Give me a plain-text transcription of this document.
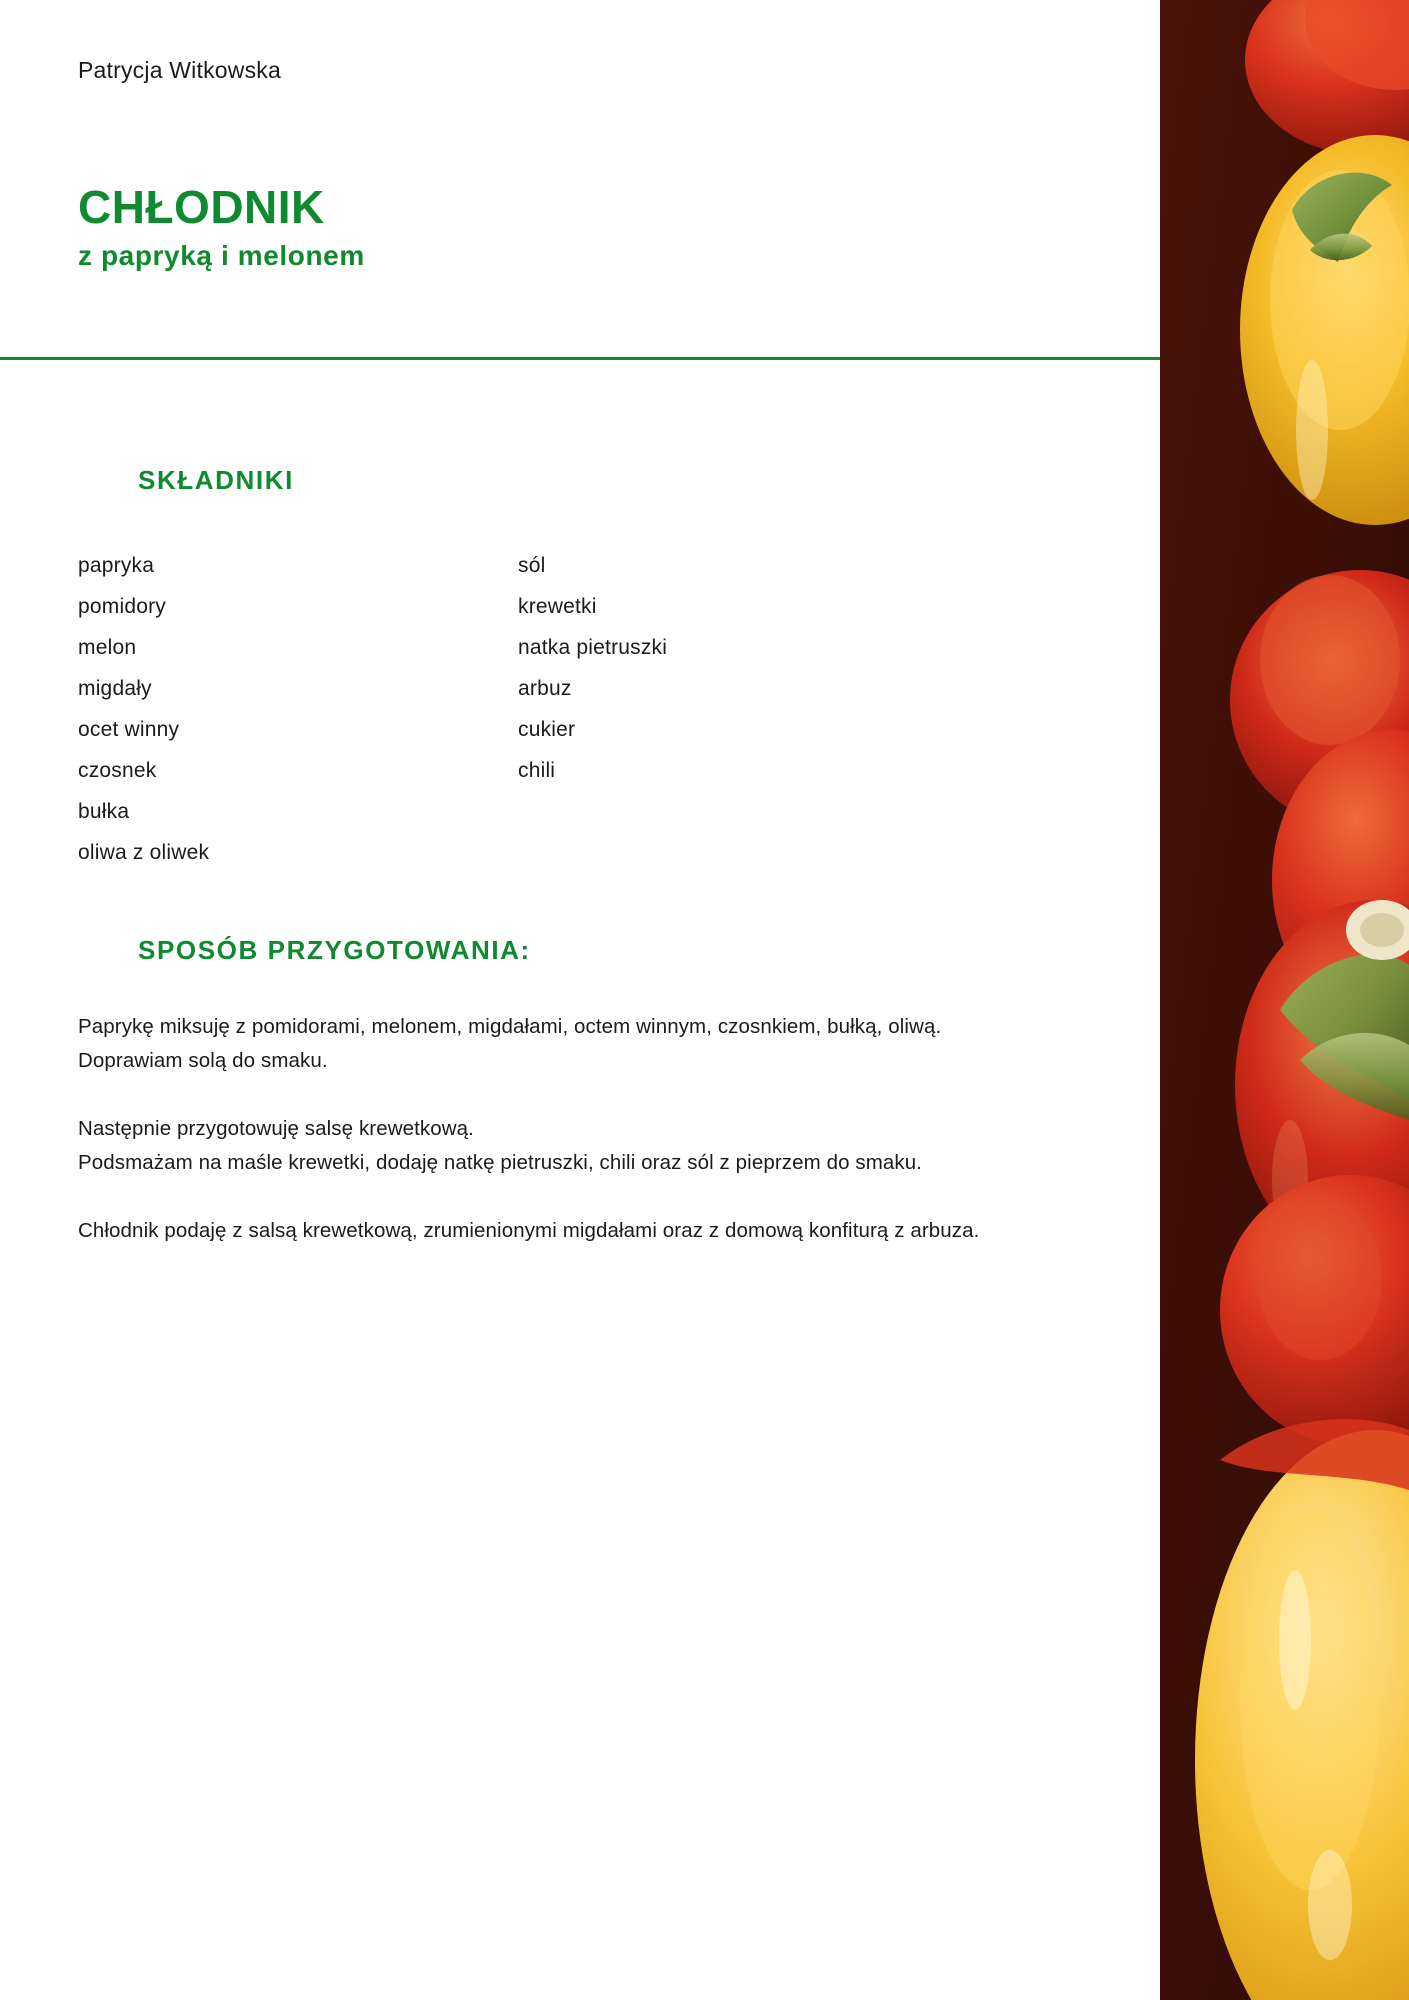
Patrycja Witkowska
CHŁODNIK
z papryką i melonem
SKŁADNIKI
papryka
pomidory
melon
migdały
ocet winny
czosnek
bułka
oliwa z oliwek
sól
krewetki
natka pietruszki
arbuz
cukier
chili
SPOSÓB PRZYGOTOWANIA:

Paprykę miksuję z pomidorami, melonem, migdałami, octem winnym, czosnkiem, bułką, oliwą. Doprawiam solą do smaku.

Następnie przygotowuję salsę krewetkową.
Podsmażam na maśle krewetki, dodaję natkę pietruszki, chili oraz sól z pieprzem do smaku.

Chłodnik podaję z salsą krewetkową, zrumienionymi migdałami oraz z domową konfiturą z arbuza.
